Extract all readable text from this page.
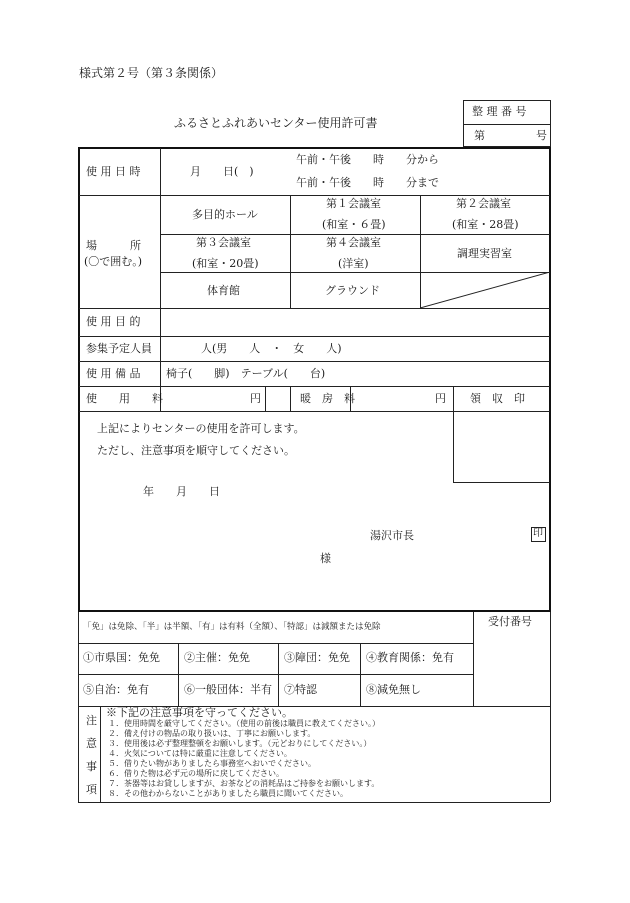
様式第２号（第３条関係）
ふるさとふれあいセンター使用許可書
整 理 番 号
第	号
使 用 日 時	月　　日(　)
午前・午後　　時　　分から
午前・午後　　時　　分まで
場　　　所
(〇で囲む。)
多目的ホール
第１会議室
(和室・６畳)
第２会議室
(和室・28畳)
第３会議室
(和室・20畳)
第４会議室
(洋室)
調理実習室
体育館	グラウンド
使 用 目 的
参集予定人員	人(男　　人　・　女　　人)
使 用 備 品 椅子(　　脚)　テーブル(　　台)
使　　用　　料	円	暖　房　料	円 領　収　印
上記によりセンターの使用を許可します。
ただし、注意事項を順守してください。
年　　月　　日
湯沢市長	印
様
「免」は免除、「半」は半額、「有」は有料（全額）、「特認」は減額または免除	受付番号
①市県国：免免 ②主催：免免	③障団：免免 ④教育関係：免有
⑤自治：免有	⑥一般団体：半有 ⑦特認	⑧減免無し
注
意
事
項
※下記の注意事項を守ってください。
１．使用時間を厳守してください。（使用の前後は職員に教えてください。）
２．備え付けの物品の取り扱いは、丁寧にお願いします。
３．使用後は必ず整理整頓をお願いします。（元どおりにしてください。）
４．火気については特に厳重に注意してください。
５．借りたい物がありましたら事務室へおいでください。
６．借りた物は必ず元の場所に戻してください。
７．茶器等はお貸ししますが、お茶などの消耗品はご持参をお願いします。
８．その他わからないことがありましたら職員に聞いてください。
